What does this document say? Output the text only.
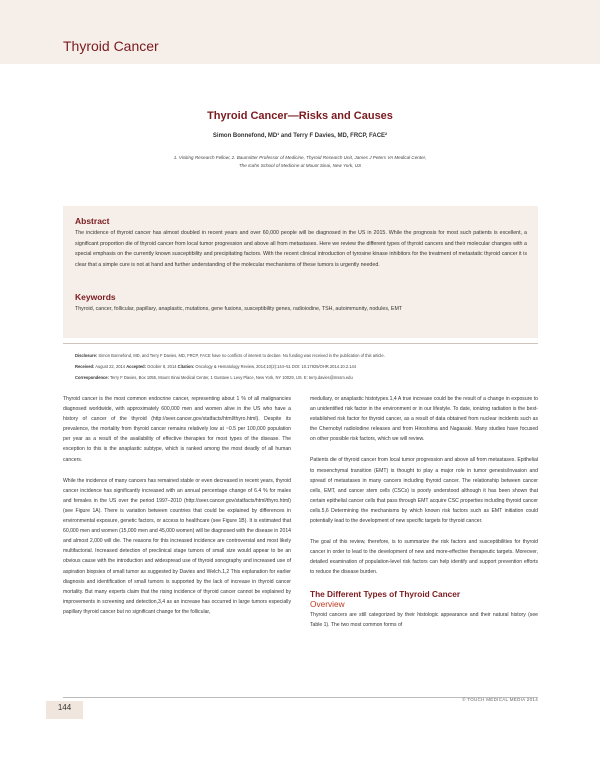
Thyroid Cancer
Thyroid Cancer—Risks and Causes
Simon Bonnefond, MD¹ and Terry F Davies, MD, FRCP, FACE²
1. Visiting Research Fellow; 2. Baumritter Professor of Medicine, Thyroid Research Unit, James J Peters VA Medical Center,
The Icahn School of Medicine at Mount Sinai, New York, US
Abstract
The incidence of thyroid cancer has almost doubled in recent years and over 60,000 people will be diagnosed in the US in 2015. While the prognosis for most such patients is excellent, a significant proportion die of thyroid cancer from local tumor progression and above all from metastases. Here we review the different types of thyroid cancers and their molecular changes with a special emphasis on the currently known susceptibility and precipitating factors. With the recent clinical introduction of tyrosine kinase inhibitors for the treatment of metastatic thyroid cancer it is clear that a simple cure is not at hand and further understanding of the molecular mechanisms of these tumors is urgently needed.
Keywords
Thyroid, cancer, follicular, papillary, anaplastic, mutations, gene fusions, susceptibility genes, radioiodine, TSH, autoimmunity, nodules, EMT
Disclosure: Simon Bonnefond, MD, and Terry F Davies, MD, FRCP, FACE have no conflicts of interest to declare. No funding was received in the publication of this article.
Received: August 22, 2014 Accepted: October 8, 2014 Citation: Oncology & Hematology Review, 2014;10(2):144–51 DOI: 10.17925/OHR.2014.10.2.144
Correspondence: Terry F Davies, Box 1055, Mount Sinai Medical Center, 1 Gustave L Levy Place, New York, NY 10029, US. E: terry.davies@mssm.edu

Thyroid cancer is the most common endocrine cancer, representing about 1 % of all malignancies diagnosed worldwide, with approximately 600,000 men and women alive in the US who have a history of cancer of the thyroid (http://seer.cancer.gov/statfacts/html/thyro.html). Despite its prevalence, the mortality from thyroid cancer remains relatively low at ~0.5 per 100,000 population per year as a result of the availability of effective therapies for most types of the disease. The exception to this is the anaplastic subtype, which is ranked among the most deadly of all human cancers.

While the incidence of many cancers has remained stable or even decreased in recent years, thyroid cancer incidence has significantly increased with an annual percentage change of 6.4 % for males and females in the US over the period 1997–2010 (http://seer.cancer.gov/statfacts/html/thyro.html) (see Figure 1A). There is variation between countries that could be explained by differences in environmental exposure, genetic factors, or access to healthcare (see Figure 1B). It is estimated that 60,000 men and women (15,000 men and 45,000 women) will be diagnosed with the disease in 2014 and almost 2,000 will die. The reasons for this increased incidence are controversial and most likely multifactorial. Increased detection of preclinical stage tumors of small size would appear to be an obvious cause with the introduction and widespread use of thyroid sonography and increased use of aspiration biopsies of small tumor as suggested by Davies and Welch.1,2 This explanation for earlier diagnosis and identification of small tumors is supported by the lack of increase in thyroid cancer mortality. But many experts claim that the rising incidence of thyroid cancer cannot be explained by improvements in screening and detection,3,4 as an increase has occurred in large tumors especially papillary thyroid cancer but no significant change for the follicular,

medullary, or anaplastic histotypes.1,4 A true increase could be the result of a change in exposure to an unidentified risk factor in the environment or in our lifestyle. To date, ionizing radiation is the best-established risk factor for thyroid cancer, as a result of data obtained from nuclear incidents such as the Chernobyl radiolodine releases and from Hiroshima and Nagasaki. Many studies have focused on other possible risk factors, which we will review.

Patients die of thyroid cancer from local tumor progression and above all from metastases. Epithelial to mesenchymal transition (EMT) is thought to play a major role in tumor genesis/invasion and spread of metastases in many cancers including thyroid cancer. The relationship between cancer cells, EMT, and cancer stem cells (CSCs) is poorly understood although it has been shown that certain epithelial cancer cells that pass through EMT acquire CSC properties including thyroid cancer cells.5,6 Determining the mechanisms by which known risk factors such as EMT initiation could potentially lead to the development of new specific targets for thyroid cancer.

The goal of this review, therefore, is to summarize the risk factors and susceptibilities for thyroid cancer in order to lead to the development of new and more-effective therapeutic targets. Moreover, detailed examination of population-level risk factors can help identify and support prevention efforts to reduce the disease burden.

The Different Types of Thyroid Cancer
Overview

Thyroid cancers are still categorized by their histologic appearance and their natural history (see Table 1). The two most common forms of

144
© TOUCH MEDICAL MEDIA 2014
